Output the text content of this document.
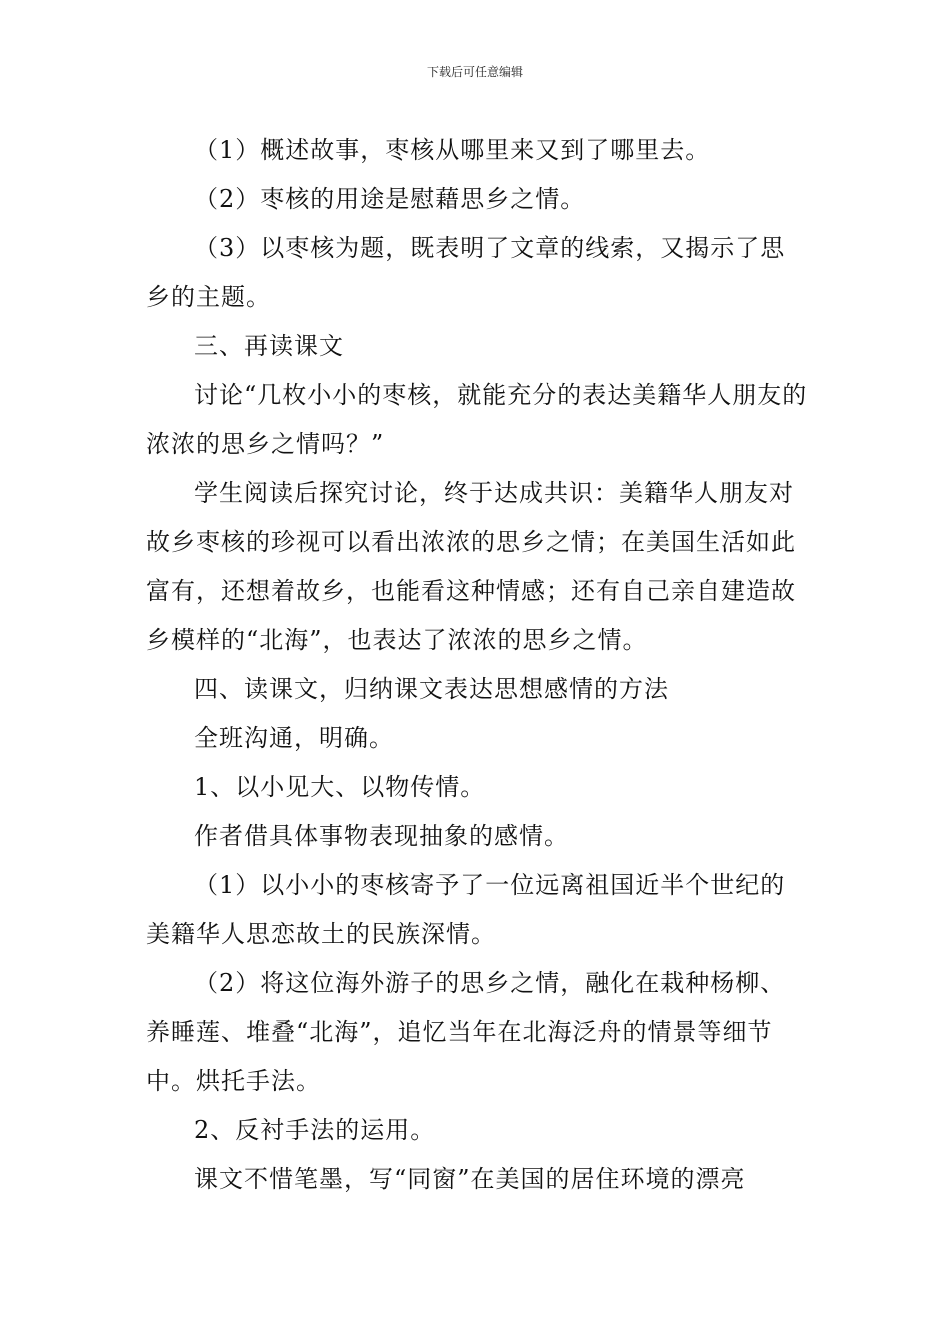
下载后可任意编辑

（1）概述故事，枣核从哪里来又到了哪里去。

（2）枣核的用途是慰藉思乡之情。

（3）以枣核为题，既表明了文章的线索，又揭示了思乡的主题。

三、再读课文

讨论“几枚小小的枣核，就能充分的表达美籍华人朋友的浓浓的思乡之情吗？”

学生阅读后探究讨论，终于达成共识：美籍华人朋友对故乡枣核的珍视可以看出浓浓的思乡之情；在美国生活如此富有，还想着故乡，也能看这种情感；还有自己亲自建造故乡模样的“北海”，也表达了浓浓的思乡之情。

四、读课文，归纳课文表达思想感情的方法

全班沟通，明确。

1、以小见大、以物传情。

作者借具体事物表现抽象的感情。

（1）以小小的枣核寄予了一位远离祖国近半个世纪的美籍华人思恋故土的民族深情。

（2）将这位海外游子的思乡之情，融化在栽种杨柳、养睡莲、堆叠“北海”，追忆当年在北海泛舟的情景等细节中。烘托手法。

2、反衬手法的运用。

课文不惜笔墨，写“同窗”在美国的居住环境的漂亮
